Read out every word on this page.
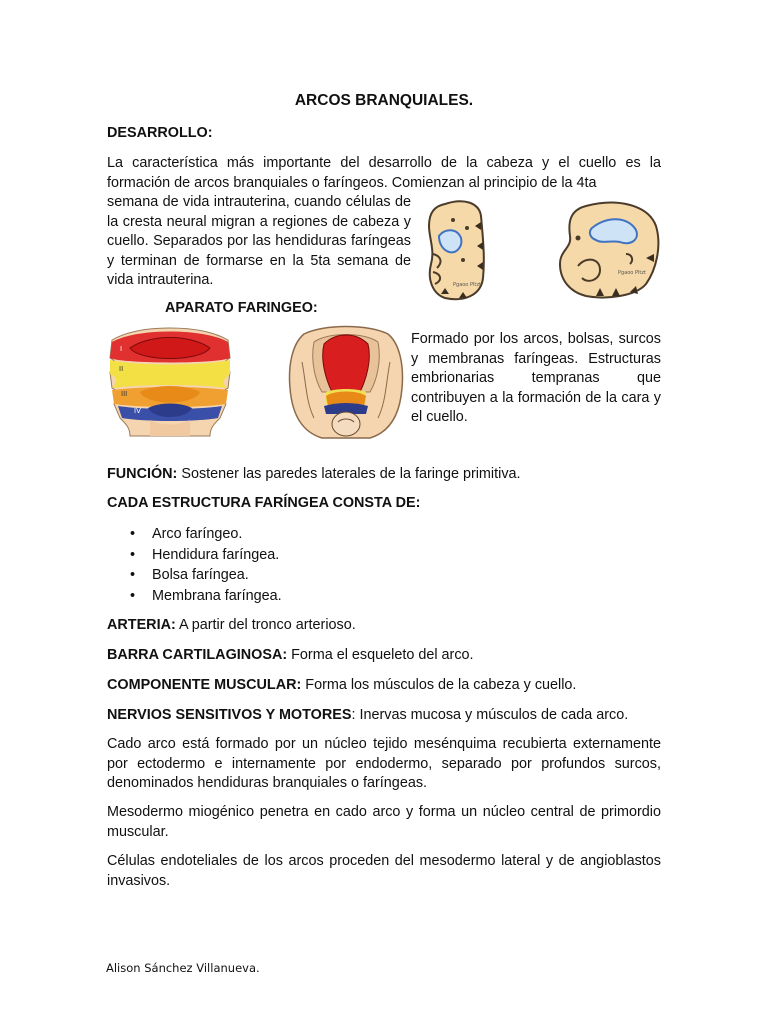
ARCOS BRANQUIALES.
DESARROLLO:
La característica más importante del desarrollo de la cabeza y el cuello es la formación de arcos branquiales o faríngeos. Comienzan al principio de la 4ta
semana de vida intrauterina, cuando células de la cresta neural migran a regiones de cabeza y cuello. Separados por las hendiduras faríngeas y terminan de formarse en la 5ta semana de vida intrauterina.	Pgaoo Pltzt
Pgaoo Pltzt
APARATO FARINGEO:
I
II
III
IV
Formado por los arcos, bolsas, surcos y membranas faríngeas. Estructuras embrionarias tempranas que contribuyen a la formación de la cara y el cuello.
FUNCIÓN: Sostener las paredes laterales de la faringe primitiva.
CADA ESTRUCTURA FARÍNGEA CONSTA DE:
• Arco faríngeo.
• Hendidura faríngea.
• Bolsa faríngea.
• Membrana faríngea.
ARTERIA: A partir del tronco arterioso.
BARRA CARTILAGINOSA: Forma el esqueleto del arco.
COMPONENTE MUSCULAR: Forma los músculos de la cabeza y cuello.
NERVIOS SENSITIVOS Y MOTORES: Inervas mucosa y músculos de cada arco.
Cado arco está formado por un núcleo tejido mesénquima recubierta externamente por ectodermo e internamente por endodermo, separado por profundos surcos, denominados hendiduras branquiales o faríngeas.
Mesodermo miogénico penetra en cado arco y forma un núcleo central de primordio muscular.
Células endoteliales de los arcos proceden del mesodermo lateral y de angioblastos invasivos.
Alison Sánchez Villanueva.
